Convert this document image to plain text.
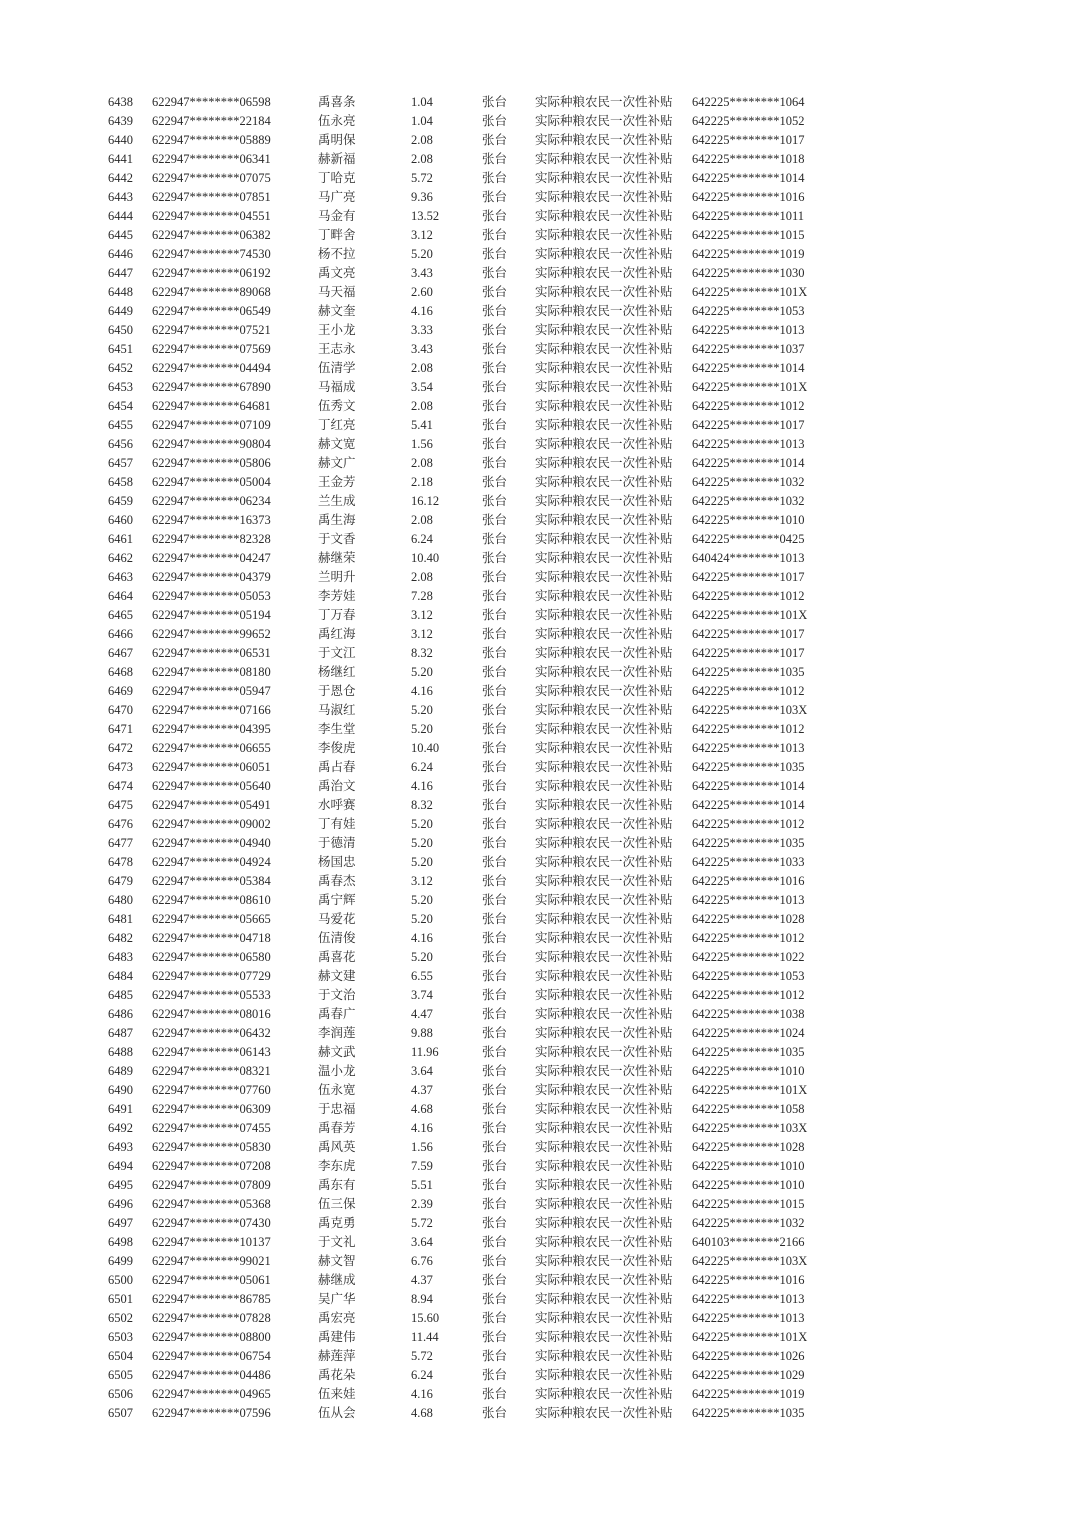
6438 622947********06598	禹喜条	1.04	张台 实际种粮农民一次性补贴 642225********1064
6439 622947********22184	伍永亮	1.04	张台 实际种粮农民一次性补贴 642225********1052
6440 622947********05889	禹明保	2.08	张台 实际种粮农民一次性补贴 642225********1017
6441 622947********06341	赫新福	2.08	张台 实际种粮农民一次性补贴 642225********1018
6442 622947********07075	丁哈克	5.72	张台 实际种粮农民一次性补贴 642225********1014
6443 622947********07851	马广亮	9.36	张台 实际种粮农民一次性补贴 642225********1016
6444 622947********04551	马金有	13.52	张台 实际种粮农民一次性补贴 642225********1011
6445 622947********06382	丁畔舍	3.12	张台 实际种粮农民一次性补贴 642225********1015
6446 622947********74530	杨不拉	5.20	张台 实际种粮农民一次性补贴 642225********1019
6447 622947********06192	禹文亮	3.43	张台 实际种粮农民一次性补贴 642225********1030
6448 622947********89068	马天福	2.60	张台 实际种粮农民一次性补贴 642225********101X
6449 622947********06549	赫文奎	4.16	张台 实际种粮农民一次性补贴 642225********1053
6450 622947********07521	王小龙	3.33	张台 实际种粮农民一次性补贴 642225********1013
6451 622947********07569	王志永	3.43	张台 实际种粮农民一次性补贴 642225********1037
6452 622947********04494	伍清学	2.08	张台 实际种粮农民一次性补贴 642225********1014
6453 622947********67890	马福成	3.54	张台 实际种粮农民一次性补贴 642225********101X
6454 622947********64681	伍秀文	2.08	张台 实际种粮农民一次性补贴 642225********1012
6455 622947********07109	丁红亮	5.41	张台 实际种粮农民一次性补贴 642225********1017
6456 622947********90804	赫文宽	1.56	张台 实际种粮农民一次性补贴 642225********1013
6457 622947********05806	赫文广	2.08	张台 实际种粮农民一次性补贴 642225********1014
6458 622947********05004	王金芳	2.18	张台 实际种粮农民一次性补贴 642225********1032
6459 622947********06234	兰生成	16.12	张台 实际种粮农民一次性补贴 642225********1032
6460 622947********16373	禹生海	2.08	张台 实际种粮农民一次性补贴 642225********1010
6461 622947********82328	于文香	6.24	张台 实际种粮农民一次性补贴 642225********0425
6462 622947********04247	赫继荣	10.40	张台 实际种粮农民一次性补贴 640424********1013
6463 622947********04379	兰明升	2.08	张台 实际种粮农民一次性补贴 642225********1017
6464 622947********05053	李芳娃	7.28	张台 实际种粮农民一次性补贴 642225********1012
6465 622947********05194	丁万春	3.12	张台 实际种粮农民一次性补贴 642225********101X
6466 622947********99652	禹红海	3.12	张台 实际种粮农民一次性补贴 642225********1017
6467 622947********06531	于文江	8.32	张台 实际种粮农民一次性补贴 642225********1017
6468 622947********08180	杨继红	5.20	张台 实际种粮农民一次性补贴 642225********1035
6469 622947********05947	于恩仓	4.16	张台 实际种粮农民一次性补贴 642225********1012
6470 622947********07166	马淑红	5.20	张台 实际种粮农民一次性补贴 642225********103X
6471 622947********04395	李生堂	5.20	张台 实际种粮农民一次性补贴 642225********1012
6472 622947********06655	李俊虎	10.40	张台 实际种粮农民一次性补贴 642225********1013
6473 622947********06051	禹占春	6.24	张台 实际种粮农民一次性补贴 642225********1035
6474 622947********05640	禹治文	4.16	张台 实际种粮农民一次性补贴 642225********1014
6475 622947********05491	水呼赛	8.32	张台 实际种粮农民一次性补贴 642225********1014
6476 622947********09002	丁有娃	5.20	张台 实际种粮农民一次性补贴 642225********1012
6477 622947********04940	于德清	5.20	张台 实际种粮农民一次性补贴 642225********1035
6478 622947********04924	杨国忠	5.20	张台 实际种粮农民一次性补贴 642225********1033
6479 622947********05384	禹春杰	3.12	张台 实际种粮农民一次性补贴 642225********1016
6480 622947********08610	禹宁辉	5.20	张台 实际种粮农民一次性补贴 642225********1013
6481 622947********05665	马爱花	5.20	张台 实际种粮农民一次性补贴 642225********1028
6482 622947********04718	伍清俊	4.16	张台 实际种粮农民一次性补贴 642225********1012
6483 622947********06580	禹喜花	5.20	张台 实际种粮农民一次性补贴 642225********1022
6484 622947********07729	赫文建	6.55	张台 实际种粮农民一次性补贴 642225********1053
6485 622947********05533	于文治	3.74	张台 实际种粮农民一次性补贴 642225********1012
6486 622947********08016	禹春广	4.47	张台 实际种粮农民一次性补贴 642225********1038
6487 622947********06432	李润莲	9.88	张台 实际种粮农民一次性补贴 642225********1024
6488 622947********06143	赫文武	11.96	张台 实际种粮农民一次性补贴 642225********1035
6489 622947********08321	温小龙	3.64	张台 实际种粮农民一次性补贴 642225********1010
6490 622947********07760	伍永宽	4.37	张台 实际种粮农民一次性补贴 642225********101X
6491 622947********06309	于忠福	4.68	张台 实际种粮农民一次性补贴 642225********1058
6492 622947********07455	禹春芳	4.16	张台 实际种粮农民一次性补贴 642225********103X
6493 622947********05830	禹风英	1.56	张台 实际种粮农民一次性补贴 642225********1028
6494 622947********07208	李东虎	7.59	张台 实际种粮农民一次性补贴 642225********1010
6495 622947********07809	禹东有	5.51	张台 实际种粮农民一次性补贴 642225********1010
6496 622947********05368	伍三保	2.39	张台 实际种粮农民一次性补贴 642225********1015
6497 622947********07430	禹克勇	5.72	张台 实际种粮农民一次性补贴 642225********1032
6498 622947********10137	于文礼	3.64	张台 实际种粮农民一次性补贴 640103********2166
6499 622947********99021	赫文智	6.76	张台 实际种粮农民一次性补贴 642225********103X
6500 622947********05061	赫继成	4.37	张台 实际种粮农民一次性补贴 642225********1016
6501 622947********86785	吴广华	8.94	张台 实际种粮农民一次性补贴 642225********1013
6502 622947********07828	禹宏亮	15.60	张台 实际种粮农民一次性补贴 642225********1013
6503 622947********08800	禹建伟	11.44	张台 实际种粮农民一次性补贴 642225********101X
6504 622947********06754	赫莲萍	5.72	张台 实际种粮农民一次性补贴 642225********1026
6505 622947********04486	禹花朵	6.24	张台 实际种粮农民一次性补贴 642225********1029
6506 622947********04965	伍来娃	4.16	张台 实际种粮农民一次性补贴 642225********1019
6507 622947********07596	伍从会	4.68	张台 实际种粮农民一次性补贴 642225********1035
